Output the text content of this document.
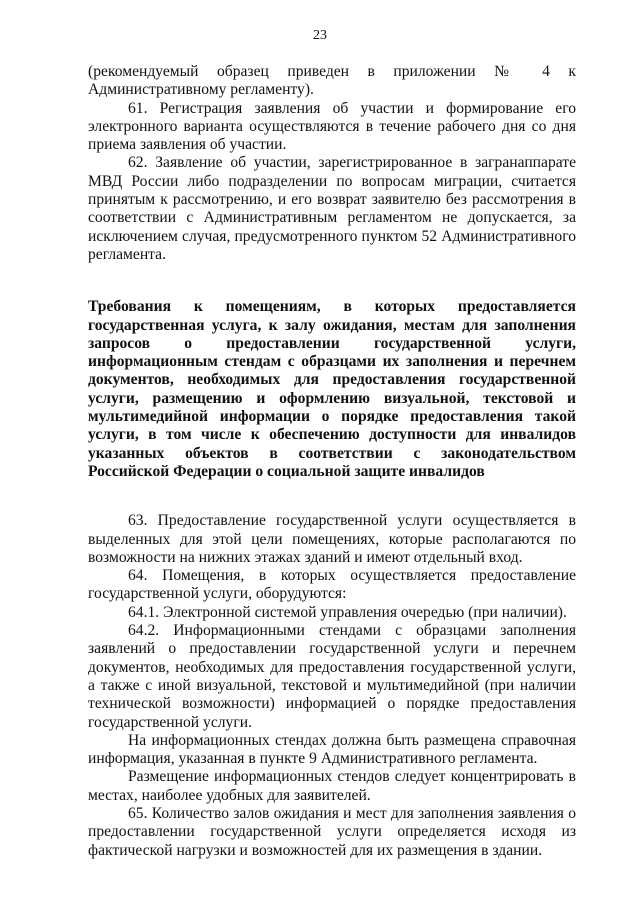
23

(рекомендуемый образец приведен в приложении № 4 к Административному регламенту).

61. Регистрация заявления об участии и формирование его электронного варианта осуществляются в течение рабочего дня со дня приема заявления об участии.

62. Заявление об участии, зарегистрированное в загранаппарате МВД России либо подразделении по вопросам миграции, считается принятым к рассмотрению, и его возврат заявителю без рассмотрения в соответствии с Административным регламентом не допускается, за исключением случая, предусмотренного пунктом 52 Административного регламента.

Требования к помещениям, в которых предоставляется государственная услуга, к залу ожидания, местам для заполнения запросов о предоставлении государственной услуги, информационным стендам с образцами их заполнения и перечнем документов, необходимых для предоставления государственной услуги, размещению и оформлению визуальной, текстовой и мультимедийной информации о порядке предоставления такой услуги, в том числе к обеспечению доступности для инвалидов указанных объектов в соответствии с законодательством Российской Федерации о социальной защите инвалидов

63. Предоставление государственной услуги осуществляется в выделенных для этой цели помещениях, которые располагаются по возможности на нижних этажах зданий и имеют отдельный вход.

64. Помещения, в которых осуществляется предоставление государственной услуги, оборудуются:

64.1. Электронной системой управления очередью (при наличии).

64.2. Информационными стендами с образцами заполнения заявлений о предоставлении государственной услуги и перечнем документов, необходимых для предоставления государственной услуги, а также с иной визуальной, текстовой и мультимедийной (при наличии технической возможности) информацией о порядке предоставления государственной услуги.

На информационных стендах должна быть размещена справочная информация, указанная в пункте 9 Административного регламента.

Размещение информационных стендов следует концентрировать в местах, наиболее удобных для заявителей.

65. Количество залов ожидания и мест для заполнения заявления о предоставлении государственной услуги определяется исходя из фактической нагрузки и возможностей для их размещения в здании.
